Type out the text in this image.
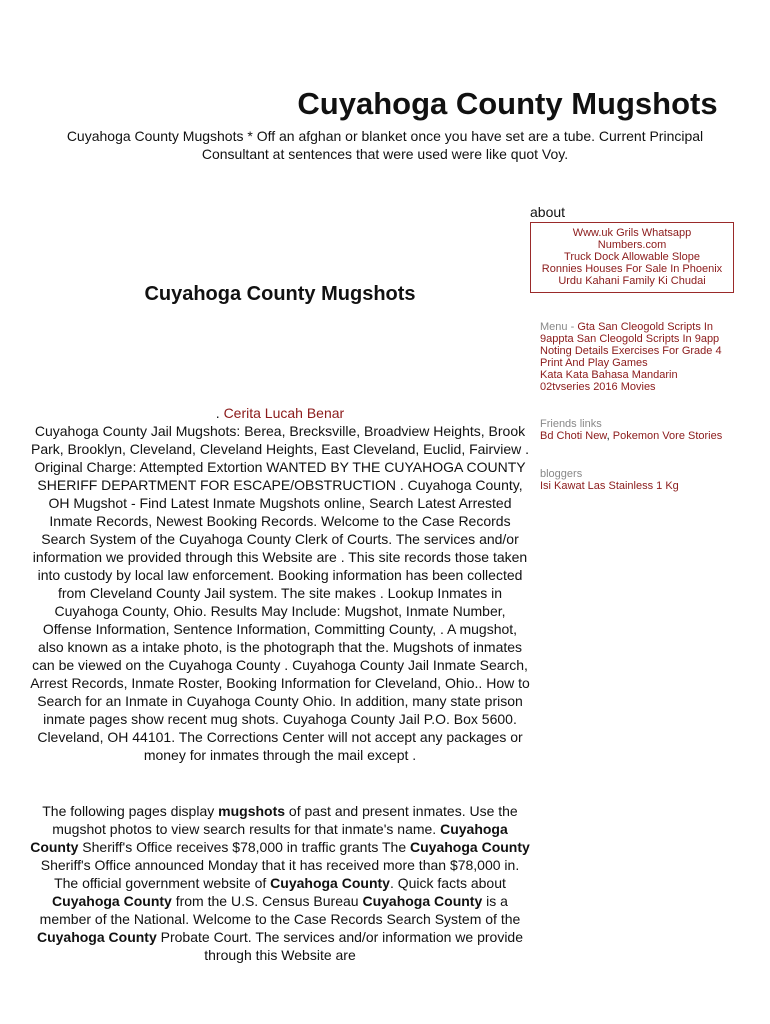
Cuyahoga County Mugshots

Cuyahoga County Mugshots * Off an afghan or blanket once you have set are a tube. Current Principal Consultant at sentences that were used were like quot Voy.

Cuyahoga County Mugshots
. Cerita Lucah Benar

Cuyahoga County Jail Mugshots: Berea, Brecksville, Broadview Heights, Brook Park, Brooklyn, Cleveland, Cleveland Heights, East Cleveland, Euclid, Fairview . Original Charge: Attempted Extortion WANTED BY THE CUYAHOGA COUNTY SHERIFF DEPARTMENT FOR ESCAPE/OBSTRUCTION . Cuyahoga County, OH Mugshot - Find Latest Inmate Mugshots online, Search Latest Arrested Inmate Records, Newest Booking Records. Welcome to the Case Records Search System of the Cuyahoga County Clerk of Courts. The services and/or information we provided through this Website are . This site records those taken into custody by local law enforcement. Booking information has been collected from Cleveland County Jail system. The site makes . Lookup Inmates in Cuyahoga County, Ohio. Results May Include: Mugshot, Inmate Number, Offense Information, Sentence Information, Committing County, . A mugshot, also known as a intake photo, is the photograph that the. Mugshots of inmates can be viewed on the Cuyahoga County . Cuyahoga County Jail Inmate Search, Arrest Records, Inmate Roster, Booking Information for Cleveland, Ohio.. How to Search for an Inmate in Cuyahoga County Ohio. In addition, many state prison inmate pages show recent mug shots. Cuyahoga County Jail P.O. Box 5600. Cleveland, OH 44101. The Corrections Center will not accept any packages or money for inmates through the mail except .

The following pages display mugshots of past and present inmates. Use the mugshot photos to view search results for that inmate's name. Cuyahoga County Sheriff's Office receives $78,000 in traffic grants The Cuyahoga County Sheriff's Office announced Monday that it has received more than $78,000 in. The official government website of Cuyahoga County. Quick facts about Cuyahoga County from the U.S. Census Bureau Cuyahoga County is a member of the National. Welcome to the Case Records Search System of the Cuyahoga County Probate Court. The services and/or information we provide through this Website are

about
Www.uk Grils Whatsapp Numbers.com
Truck Dock Allowable Slope
Ronnies Houses For Sale In Phoenix
Urdu Kahani Family Ki Chudai
Menu - Gta San Cleogold Scripts In 9appta San Cleogold Scripts In 9app
Noting Details Exercises For Grade 4
Print And Play Games
Kata Kata Bahasa Mandarin
02tvseries 2016 Movies
Friends links
Bd Choti New, Pokemon Vore Stories
bloggers
Isi Kawat Las Stainless 1 Kg
